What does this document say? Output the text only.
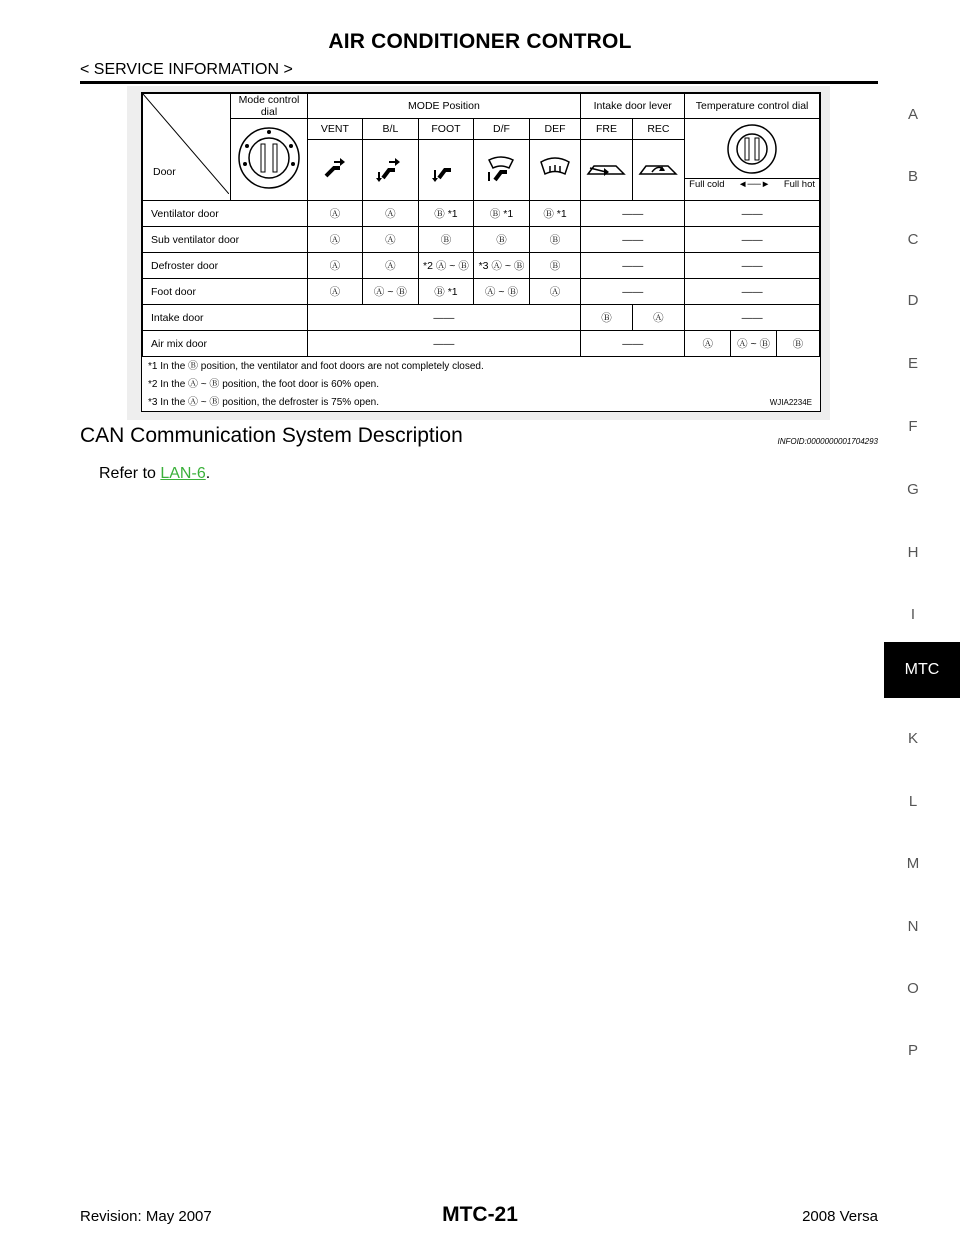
AIR CONDITIONER CONTROL
< SERVICE INFORMATION >
A
B
C
D
E
F
G
H
I
MTC
K
L
M
N
O
P
Door	Mode control dial	MODE Position					Intake door lever		Temperature control dial		
	VENT	B/L	FOOT	D/F	DEF	FRE	REC	Full cold ◄──► Full hot		

Ventilator door		Ⓐ	Ⓐ	Ⓑ *1	Ⓑ *1	Ⓑ *1	——		——		
Sub ventilator door		Ⓐ	Ⓐ	Ⓑ	Ⓑ	Ⓑ	——		——		
Defroster door		Ⓐ	Ⓐ	*2 Ⓐ ~ Ⓑ	*3 Ⓐ ~ Ⓑ	Ⓑ	——		——		
Foot door		Ⓐ	Ⓐ ~ Ⓑ	Ⓑ *1	Ⓐ ~ Ⓑ	Ⓐ	——		——		
Intake door		——					Ⓑ	Ⓐ	——		
Air mix door		——					——		Ⓐ	Ⓐ ~ Ⓑ	Ⓑ
*1 In the Ⓑ position, the ventilator and foot doors are not completely closed.
*2 In the Ⓐ ~ Ⓑ position, the foot door is 60% open.
*3 In the Ⓐ ~ Ⓑ position, the defroster is 75% open.	WJIA2234E
CAN Communication System Description	INFOID:0000000001704293
Refer to LAN-6.
Revision: May 2007	MTC-21	2008 Versa
